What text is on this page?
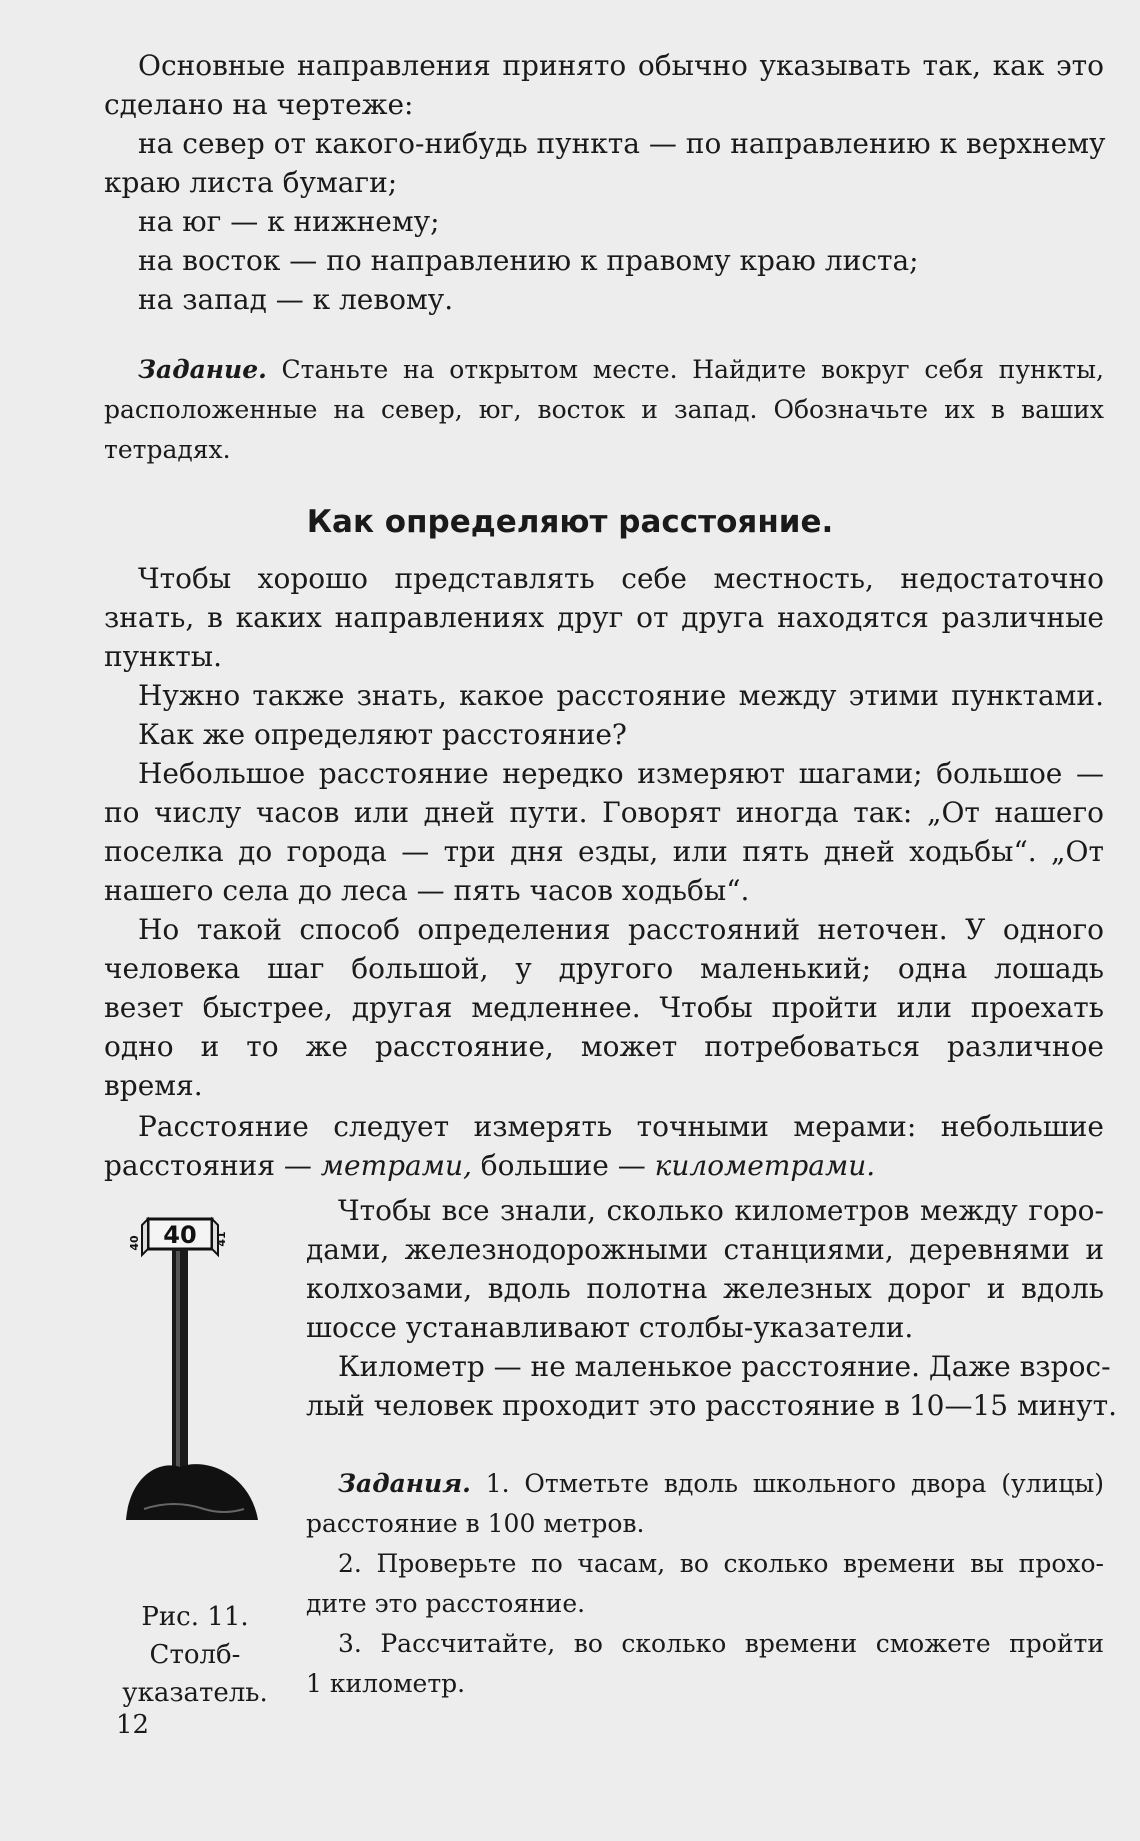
Основные направления принято обычно указывать так, как это
сделано на чертеже:
на север от какого-нибудь пункта — по направлению к верхнему
краю листа бумаги;
на юг — к нижнему;
на восток — по направлению к правому краю листа;
на запад — к левому.
Задание. Станьте на открытом месте. Найдите вокруг себя пункты,
расположенные на север, юг, восток и запад. Обозначьте их в ваших
тетрадях.
Как определяют расстояние.
Чтобы хорошо представлять себе местность, недостаточно
знать, в каких направлениях друг от друга находятся различные
пункты.
Нужно также знать, какое расстояние между этими пунктами.
Как же определяют расстояние?
Небольшое расстояние нередко измеряют шагами; большое —
по числу часов или дней пути. Говорят иногда так: „От нашего
поселка до города — три дня езды, или пять дней ходьбы“. „От
нашего села до леса — пять часов ходьбы“.
Но такой способ определения расстояний неточен. У одного
человека шаг большой, у другого маленький; одна лошадь
везет быстрее, другая медленнее. Чтобы пройти или проехать
одно и то же расстояние, может потребоваться различное
время.
Расстояние следует измерять точными мерами: небольшие
расстояния — метрами, большие — километрами.
Чтобы все знали, сколько километров между горо-
дами, железнодорожными станциями, деревнями и
колхозами, вдоль полотна железных дорог и вдоль
шоссе устанавливают столбы-указатели.
Километр — не маленькое расстояние. Даже взрос-
лый человек проходит это расстояние в 10—15 минут.
Задания. 1. Отметьте вдоль школьного двора (улицы)
расстояние в 100 метров.
2. Проверьте по часам, во сколько времени вы прохо-
дите это расстояние.
3. Рассчитайте, во сколько времени сможете пройти
1 километр.
40
40	41
Рис. 11.
Столб-
указатель.
12
